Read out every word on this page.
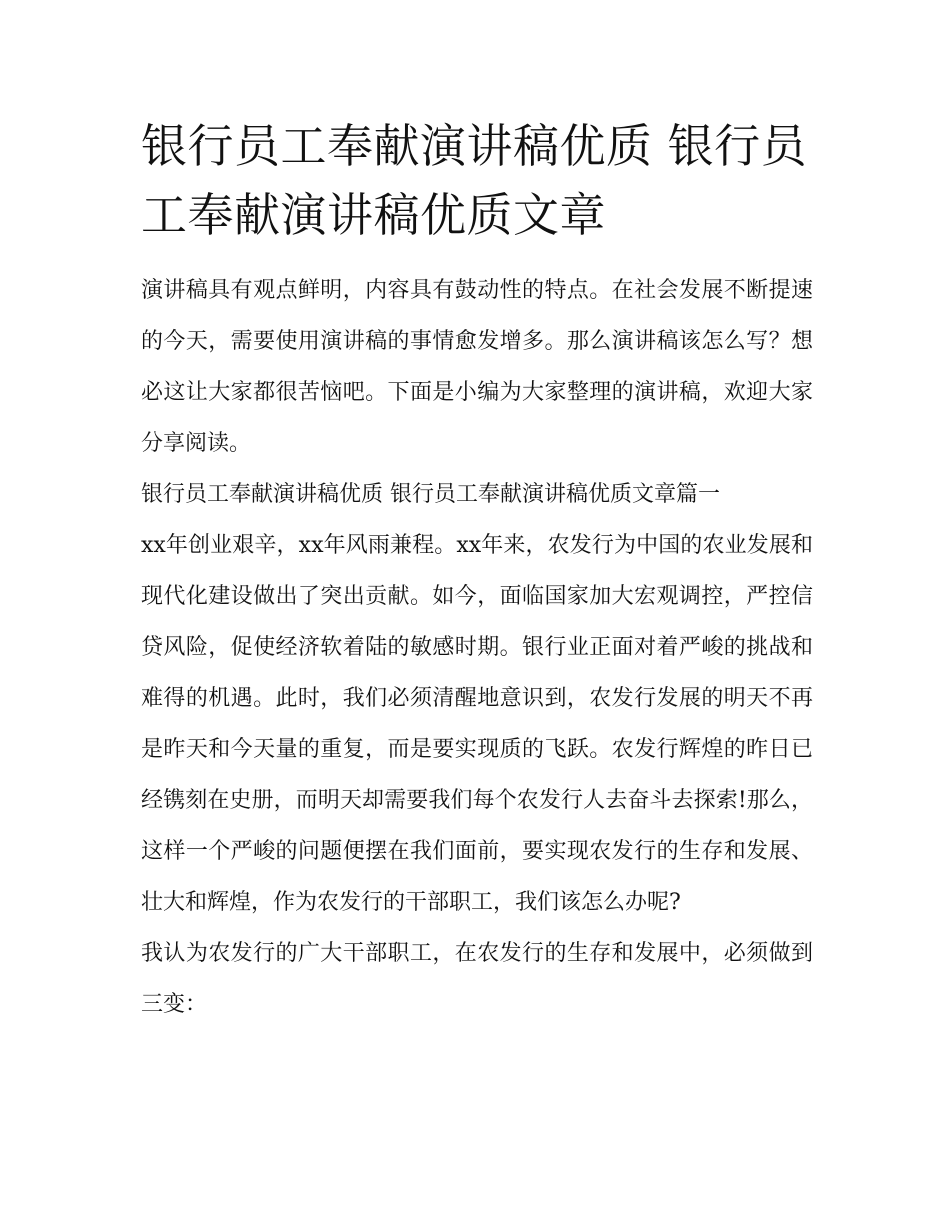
银行员工奉献演讲稿优质 银行员工奉献演讲稿优质文章

演讲稿具有观点鲜明，内容具有鼓动性的特点。在社会发展不断提速的今天，需要使用演讲稿的事情愈发增多。那么演讲稿该怎么写？想必这让大家都很苦恼吧。下面是小编为大家整理的演讲稿，欢迎大家分享阅读。

银行员工奉献演讲稿优质 银行员工奉献演讲稿优质文章篇一

xx年创业艰辛，xx年风雨兼程。xx年来，农发行为中国的农业发展和现代化建设做出了突出贡献。如今，面临国家加大宏观调控，严控信贷风险，促使经济软着陆的敏感时期。银行业正面对着严峻的挑战和难得的机遇。此时，我们必须清醒地意识到，农发行发展的明天不再是昨天和今天量的重复，而是要实现质的飞跃。农发行辉煌的昨日已经镌刻在史册，而明天却需要我们每个农发行人去奋斗去探索!那么，这样一个严峻的问题便摆在我们面前，要实现农发行的生存和发展、壮大和辉煌，作为农发行的干部职工，我们该怎么办呢?

我认为农发行的广大干部职工，在农发行的生存和发展中，必须做到三变：
